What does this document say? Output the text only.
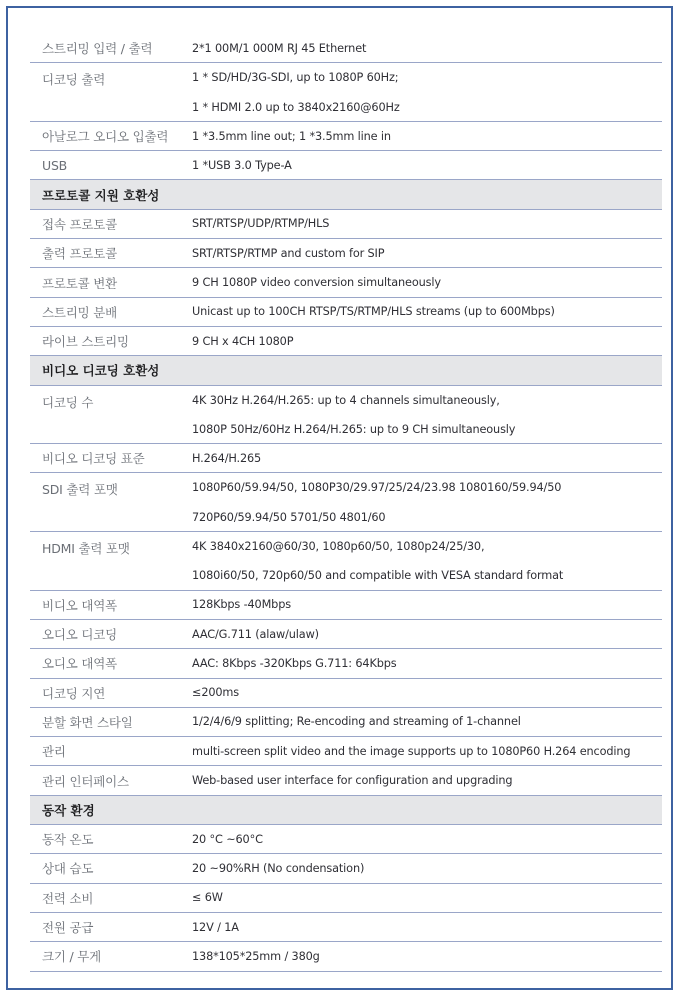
스트리밍 입력 / 출력	2*1 00M/1 000M RJ 45 Ethernet
디코딩 출력	1 * SD/HD/3G-SDI, up to 1080P 60Hz;
1 * HDMI 2.0 up to 3840x2160@60Hz
아날로그 오디오 입출력	1 *3.5mm line out; 1 *3.5mm line in
USB	1 *USB 3.0 Type-A
프로토콜 지원 호환성
접속 프로토콜	SRT/RTSP/UDP/RTMP/HLS
출력 프로토콜	SRT/RTSP/RTMP and custom for SIP
프로토콜 변환	9 CH 1080P video conversion simultaneously
스트리밍 분배	Unicast up to 100CH RTSP/TS/RTMP/HLS streams (up to 600Mbps)
라이브 스트리밍	9 CH x 4CH 1080P
비디오 디코딩 호환성
디코딩 수	4K 30Hz H.264/H.265: up to 4 channels simultaneously,
1080P 50Hz/60Hz H.264/H.265: up to 9 CH simultaneously
비디오 디코딩 표준	H.264/H.265
SDI 출력 포맷	1080P60/59.94/50, 1080P30/29.97/25/24/23.98 1080160/59.94/50
720P60/59.94/50 5701/50 4801/60
HDMI 출력 포맷	4K 3840x2160@60/30, 1080p60/50, 1080p24/25/30,
1080i60/50, 720p60/50 and compatible with VESA standard format
비디오 대역폭	128Kbps -40Mbps
오디오 디코딩	AAC/G.711 (alaw/ulaw)
오디오 대역폭	AAC: 8Kbps -320Kbps G.711: 64Kbps
디코딩 지연	≤200ms
분할 화면 스타일	1/2/4/6/9 splitting; Re-encoding and streaming of 1-channel
관리	multi-screen split video and the image supports up to 1080P60 H.264 encoding
관리 인터페이스	Web-based user interface for configuration and upgrading
동작 환경
동작 온도	20 °C ~60°C
상대 습도	20 ~90%RH (No condensation)
전력 소비	≤ 6W
전원 공급	12V / 1A
크기 / 무게	138*105*25mm / 380g
